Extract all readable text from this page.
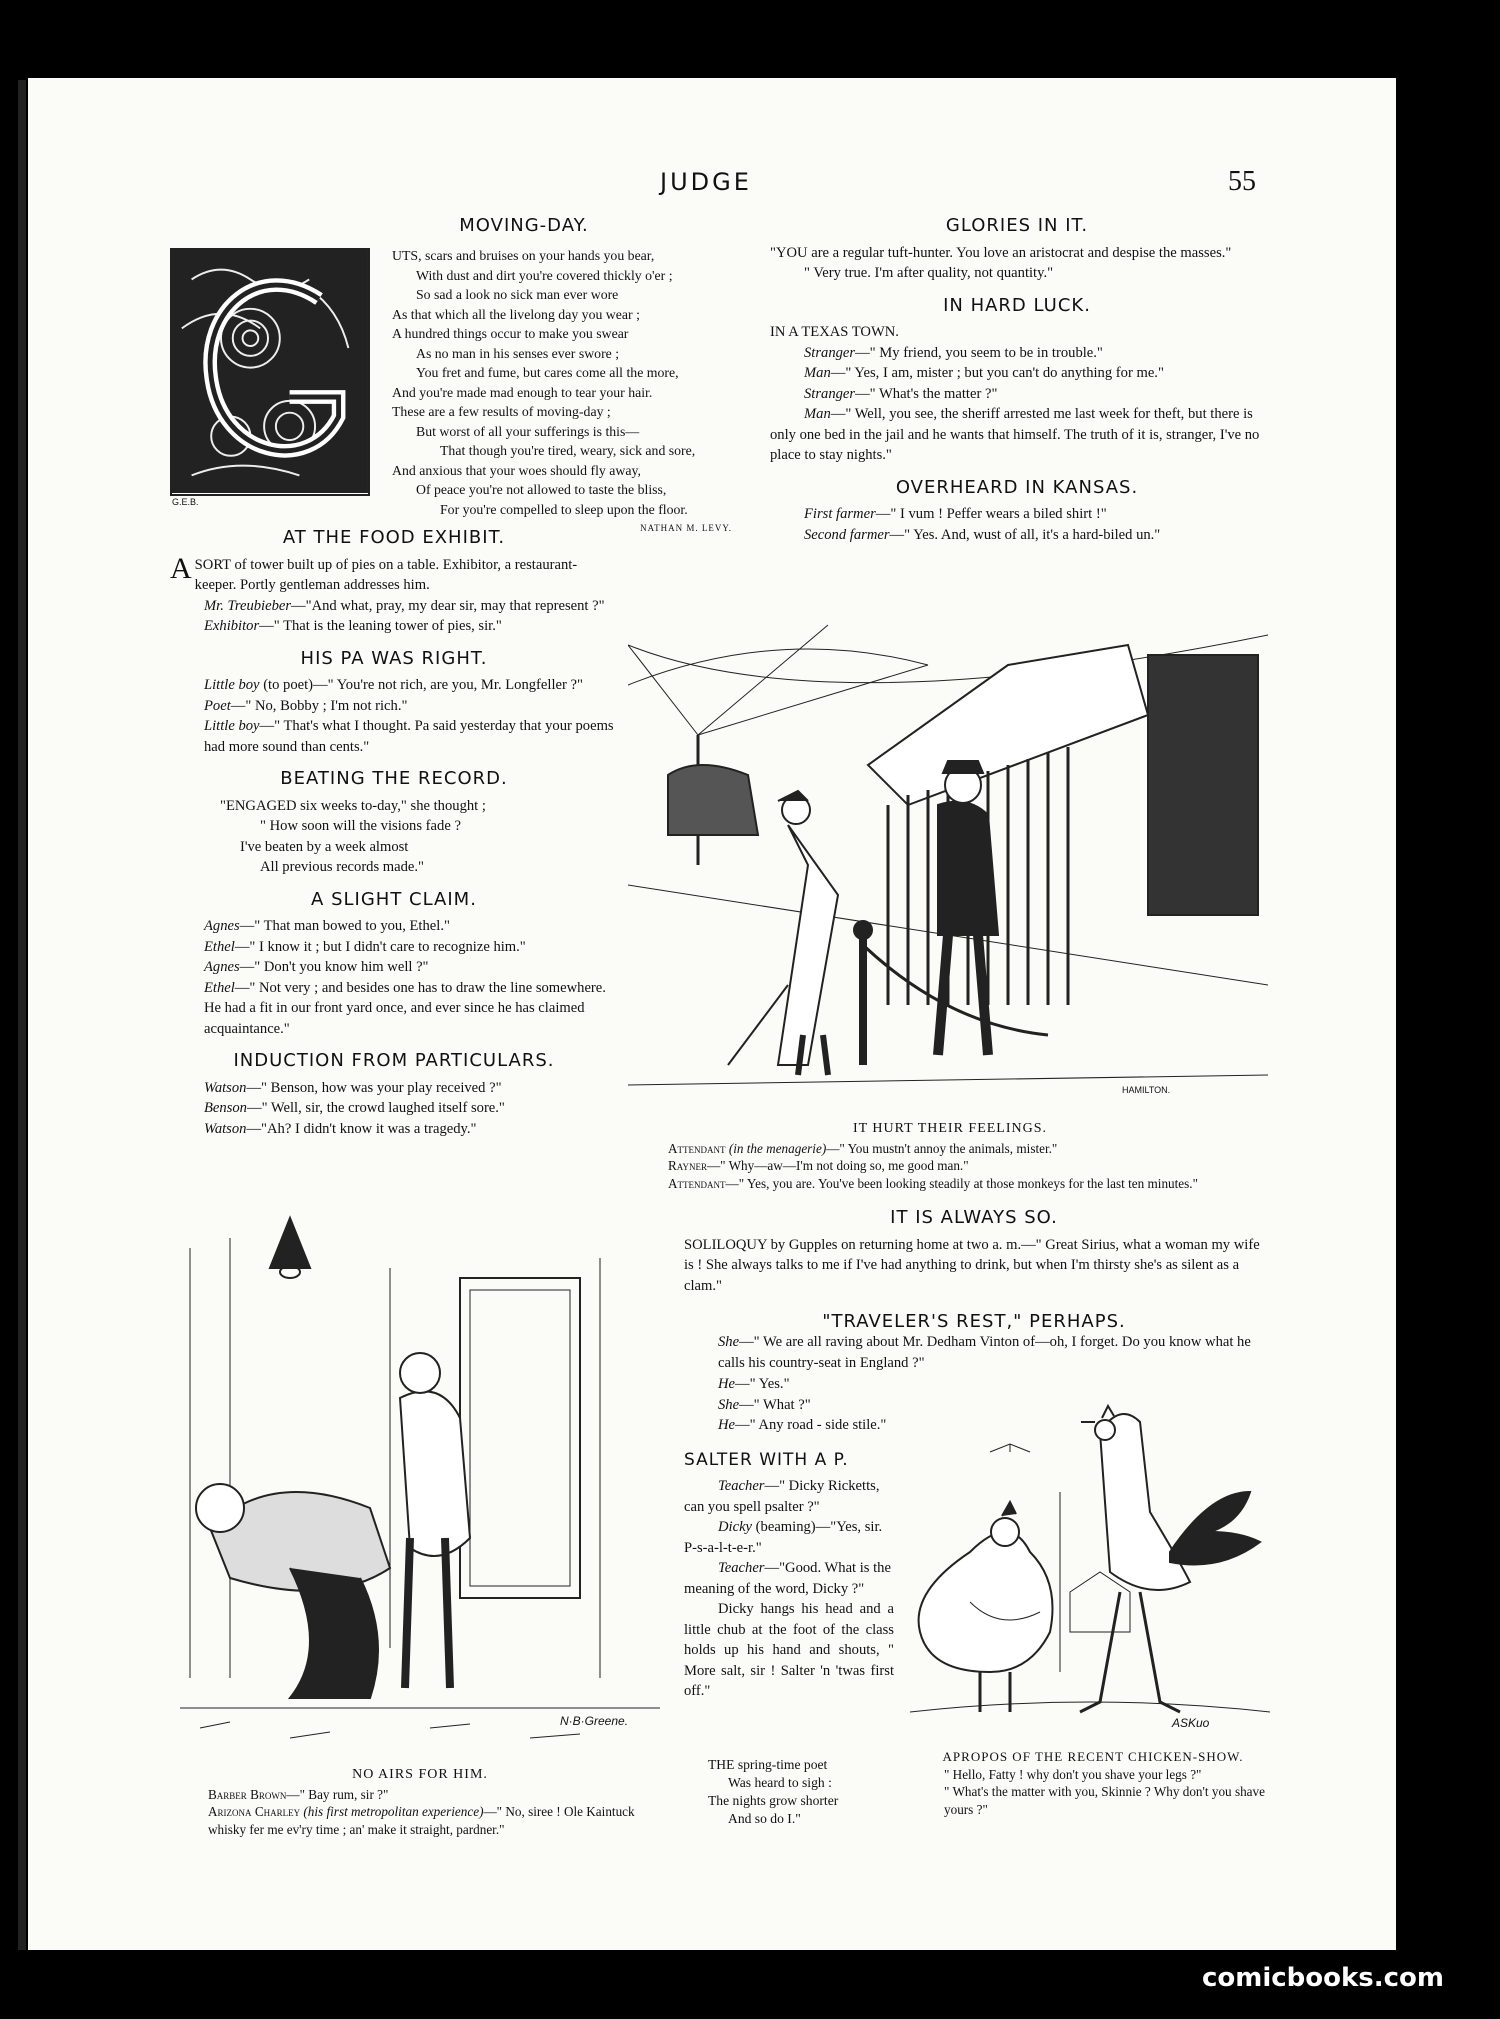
JUDGE	55
G.E.B.
MOVING-DAY.
UTS, scars and bruises on your hands you bear,
With dust and dirt you're covered thickly o'er ;
So sad a look no sick man ever wore
As that which all the livelong day you wear ;
A hundred things occur to make you swear
As no man in his senses ever swore ;
You fret and fume, but cares come all the more,
And you're made mad enough to tear your hair.
These are a few results of moving-day ;
But worst of all your sufferings is this—
That though you're tired, weary, sick and sore,
And anxious that your woes should fly away,
Of peace you're not allowed to taste the bliss,
For you're compelled to sleep upon the floor.
NATHAN M. LEVY.
AT THE FOOD EXHIBIT.
ASORT of tower built up of pies on a table. Exhibitor, a restaurant-keeper. Portly gentleman addresses him.
Mr. Treubieber—"And what, pray, my dear sir, may that represent ?"
Exhibitor—" That is the leaning tower of pies, sir."
HIS PA WAS RIGHT.
Little boy (to poet)—" You're not rich, are you, Mr. Longfeller ?"
Poet—" No, Bobby ; I'm not rich."
Little boy—" That's what I thought. Pa said yesterday that your poems had more sound than cents."
BEATING THE RECORD.
"ENGAGED six weeks to-day," she thought ;
" How soon will the visions fade ?
I've beaten by a week almost
All previous records made."
A SLIGHT CLAIM.
Agnes—" That man bowed to you, Ethel."
Ethel—" I know it ; but I didn't care to recognize him."
Agnes—" Don't you know him well ?"
Ethel—" Not very ; and besides one has to draw the line somewhere. He had a fit in our front yard once, and ever since he has claimed acquaintance."
INDUCTION FROM PARTICULARS.
Watson—" Benson, how was your play received ?"
Benson—" Well, sir, the crowd laughed itself sore."
Watson—"Ah? I didn't know it was a tragedy."
N·B·Greene.
NO AIRS FOR HIM.
Barber Brown—" Bay rum, sir ?"
Arizona Charley (his first metropolitan experience)—" No, siree ! Ole Kaintuck whisky fer me ev'ry time ; an' make it straight, pardner."
GLORIES IN IT.
"YOU are a regular tuft-hunter. You love an aristocrat and despise the masses."
" Very true. I'm after quality, not quantity."
IN HARD LUCK.
IN A TEXAS TOWN.
Stranger—" My friend, you seem to be in trouble."
Man—" Yes, I am, mister ; but you can't do anything for me."
Stranger—" What's the matter ?"
Man—" Well, you see, the sheriff arrested me last week for theft, but there is only one bed in the jail and he wants that himself. The truth of it is, stranger, I've no place to stay nights."
OVERHEARD IN KANSAS.
First farmer—" I vum ! Peffer wears a biled shirt !"
Second farmer—" Yes. And, wust of all, it's a hard-biled un."
HAMILTON.
IT HURT THEIR FEELINGS.
Attendant (in the menagerie)—" You mustn't annoy the animals, mister."
Rayner—" Why—aw—I'm not doing so, me good man."
Attendant—" Yes, you are. You've been looking steadily at those monkeys for the last ten minutes."
IT IS ALWAYS SO.
SOLILOQUY by Gupples on returning home at two a. m.—" Great Sirius, what a woman my wife is ! She always talks to me if I've had anything to drink, but when I'm thirsty she's as silent as a clam."
"TRAVELER'S REST," PERHAPS.
She—" We are all raving about Mr. Dedham Vinton of—oh, I forget. Do you know what he calls his country-seat in England ?"
He—" Yes."
She—" What ?"
He—" Any road - side stile."
SALTER WITH A P.
Teacher—" Dicky Ricketts, can you spell psalter ?"
Dicky (beaming)—"Yes, sir. P-s-a-l-t-e-r."
Teacher—"Good. What is the meaning of the word, Dicky ?"
Dicky hangs his head and a little chub at the foot of the class holds up his hand and shouts, " More salt, sir ! Salter 'n 'twas first off."
THE spring-time poet
Was heard to sigh :
The nights grow shorter
And so do I."
ASKuo
APROPOS OF THE RECENT CHICKEN-SHOW.
" Hello, Fatty ! why don't you shave your legs ?"
" What's the matter with you, Skinnie ? Why don't you shave yours ?"
comicbooks.com
